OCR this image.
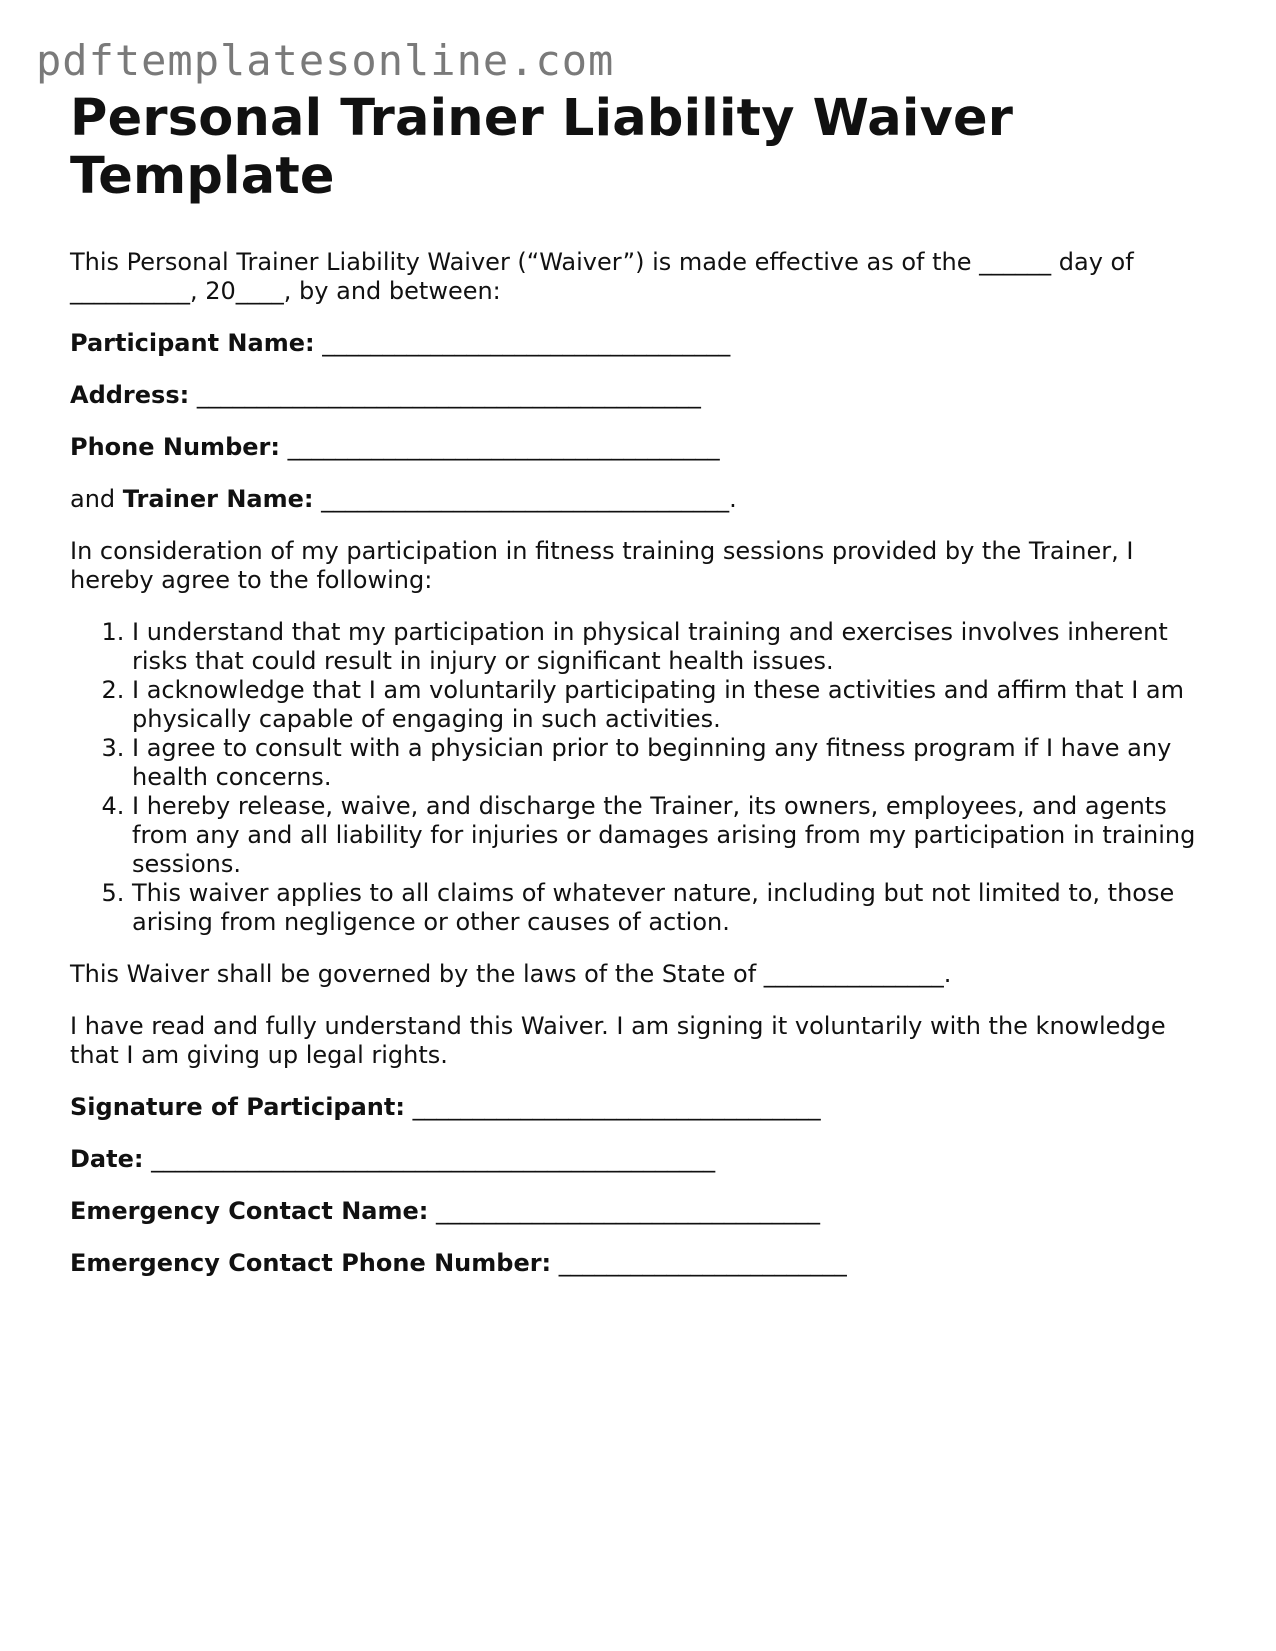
pdftemplatesonline.com
Personal Trainer Liability Waiver Template

This Personal Trainer Liability Waiver (“Waiver”) is made effective as of the ______ day of __________, 20____, by and between:

Participant Name: __________________________________

Address: __________________________________________

Phone Number: ____________________________________

and Trainer Name: __________________________________.

In consideration of my participation in fitness training sessions provided by the Trainer, I hereby agree to the following:

1. I understand that my participation in physical training and exercises involves inherent risks that could result in injury or significant health issues.
2. I acknowledge that I am voluntarily participating in these activities and affirm that I am physically capable of engaging in such activities.
3. I agree to consult with a physician prior to beginning any fitness program if I have any health concerns.
4. I hereby release, waive, and discharge the Trainer, its owners, employees, and agents from any and all liability for injuries or damages arising from my participation in training sessions.
5. This waiver applies to all claims of whatever nature, including but not limited to, those arising from negligence or other causes of action.

This Waiver shall be governed by the laws of the State of _______________.

I have read and fully understand this Waiver. I am signing it voluntarily with the knowledge that I am giving up legal rights.

Signature of Participant: __________________________________

Date: _______________________________________________

Emergency Contact Name: ________________________________

Emergency Contact Phone Number: ________________________
